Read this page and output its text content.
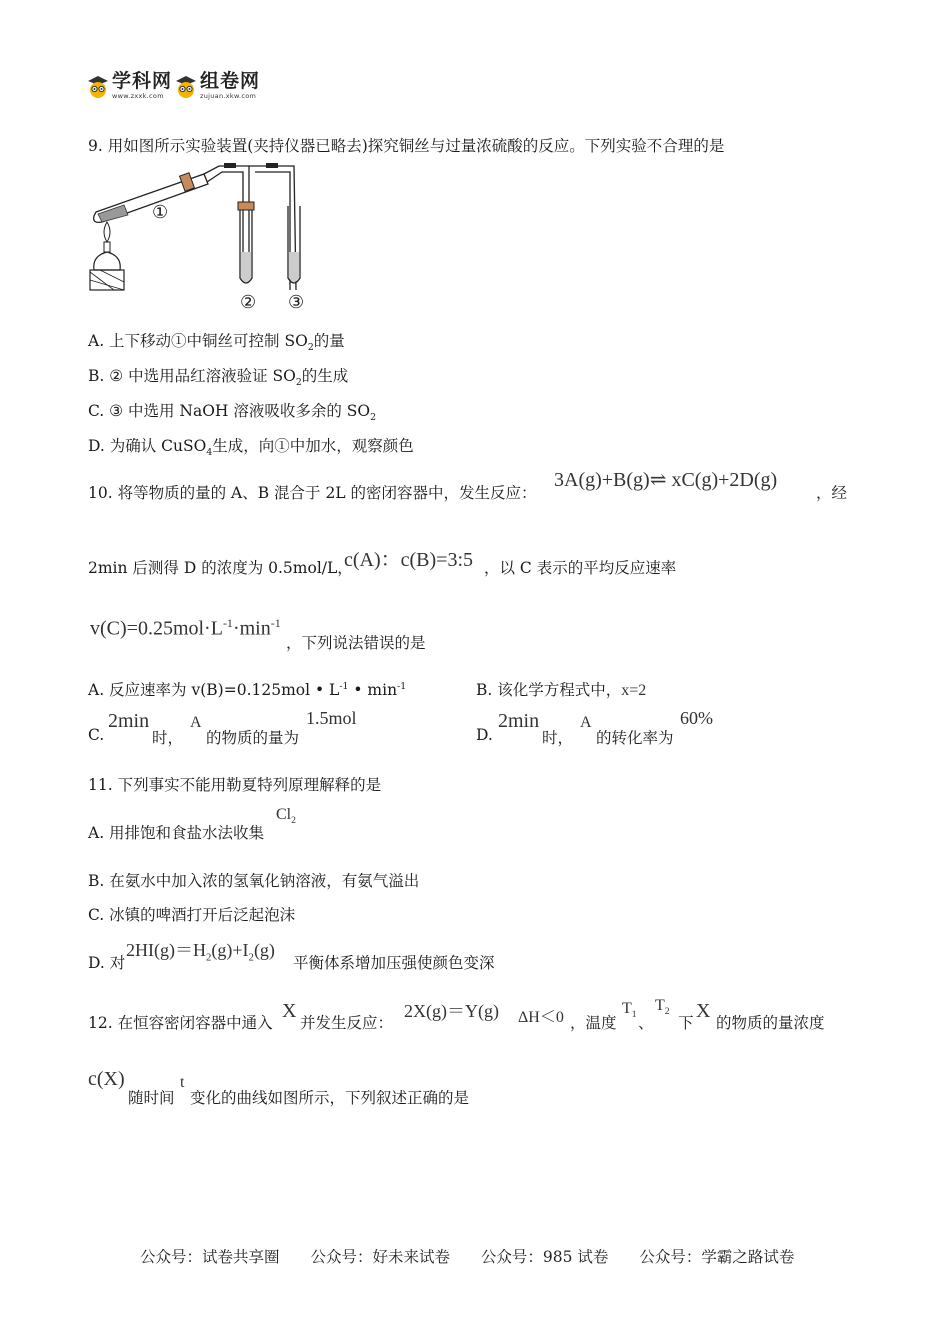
学科网
www.zxxk.com
组卷网
zujuan.xkw.com
9. 用如图所示实验装置(夹持仪器已略去)探究铜丝与过量浓硫酸的反应。下列实验不合理的是
①
② ③
A. 上下移动①中铜丝可控制 $SO_2$的量
B. ② 中选用品红溶液验证 $SO_2$的生成
C. ③ 中选用 NaOH 溶液吸收多余的 $SO_2$
D. 为确认 CuSO$_4$生成，向①中加水，观察颜色
10. 将等物质的量的 A、B 混合于 2L 的密闭容器中，发生反应：
3A(g)+B(g)⇌ xC(g)+2D(g)
，经
2min 后测得 D 的浓度为 0.5mol/L，
c(A)：c(B)=3:5 ，以 C 表示的平均反应速率
$v(C)=0.25mol\cdot L^{-1}\cdot\min^{-1}$
，下列说法错误的是
A. 反应速率为 v(B)=0.125mol • $L^{-1}$ • $\min^{-1}$	B. 该化学方程式中，x=2
C.
2min
时，
A
的物质的量为
1.5mol
D.
2min
时，
A
的转化率为
60%
11. 下列事实不能用勒夏特列原理解释的是
A. 用排饱和食盐水法收集
$Cl_2$
B. 在氨水中加入浓的氢氧化钠溶液，有氨气溢出
C. 冰镇的啤酒打开后泛起泡沫
D. 对
$2HI(g)=H_2(g)+I_2(g)$
平衡体系增加压强使颜色变深
12. 在恒容密闭容器中通入
X
并发生反应：
2X(g)＝Y(g) ΔH＜0 ，温度
$T_1$ 、
$T_2$
下
X
的物质的量浓度
c(X)
随时间
t
变化的曲线如图所示，下列叙述正确的是
公众号：试卷共享圈 公众号：好未来试卷 公众号：985 试卷 公众号：学霸之路试卷
